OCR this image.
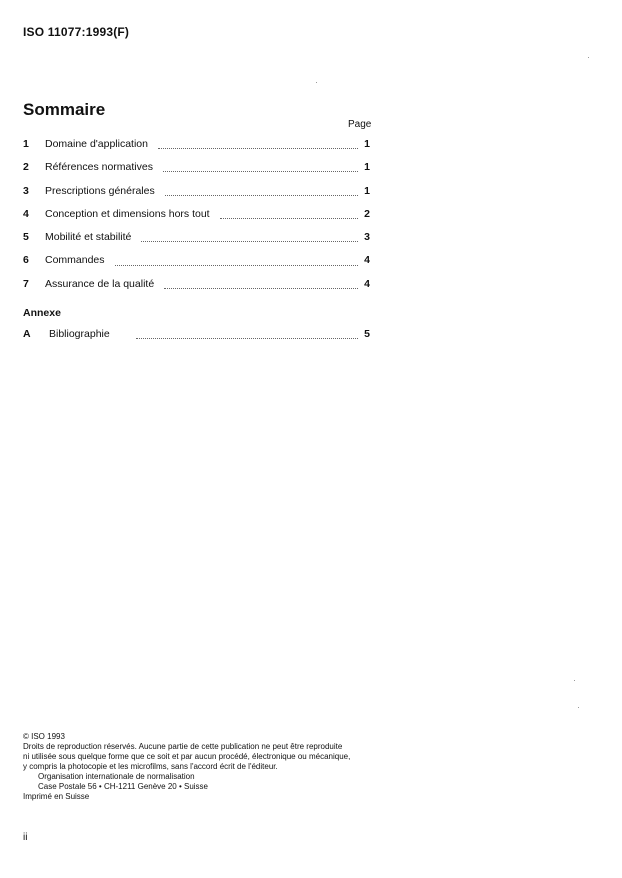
ISO 11077:1993(F)
Sommaire
Page
1	Domaine d'application	1
2	Références normatives	1
3	Prescriptions générales	1
4	Conception et dimensions hors tout	2
5	Mobilité et stabilité	3
6	Commandes	4
7	Assurance de la qualité	4
Annexe
A	Bibliographie	5
© ISO 1993
Droits de reproduction réservés. Aucune partie de cette publication ne peut être reproduite
ni utilisée sous quelque forme que ce soit et par aucun procédé, électronique ou mécanique,
y compris la photocopie et les microfilms, sans l'accord écrit de l'éditeur.
Organisation internationale de normalisation
Case Postale 56 • CH-1211 Genève 20 • Suisse
Imprimé en Suisse
ii
